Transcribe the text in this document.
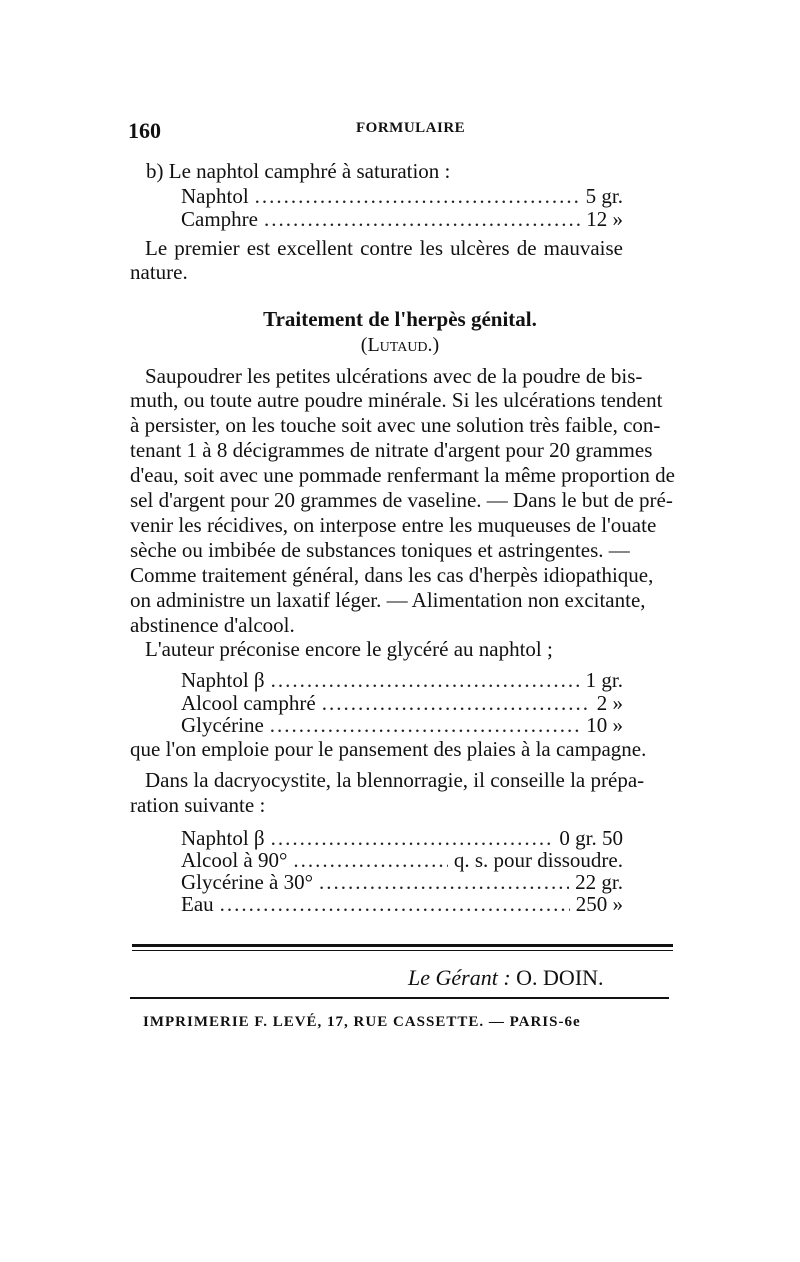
160	FORMULAIRE
b) Le naphtol camphré à saturation :
Naphtol .....	5 gr.
Camphre .....	12 »
Le premier est excellent contre les ulcères de mauvaise
nature.
Traitement de l'herpès génital.
(Lutaud.)
Saupoudrer les petites ulcérations avec de la poudre de bis-
muth, ou toute autre poudre minérale. Si les ulcérations tendent
à persister, on les touche soit avec une solution très faible, con-
tenant 1 à 8 décigrammes de nitrate d'argent pour 20 grammes
d'eau, soit avec une pommade renfermant la même proportion de
sel d'argent pour 20 grammes de vaseline. — Dans le but de pré-
venir les récidives, on interpose entre les muqueuses de l'ouate
sèche ou imbibée de substances toniques et astringentes. —
Comme traitement général, dans les cas d'herpès idiopathique,
on administre un laxatif léger. — Alimentation non excitante,
abstinence d'alcool.
L'auteur préconise encore le glycéré au naphtol ;
Naphtol β .....	1 gr.
Alcool camphré .....	2 »
Glycérine .....	10 »
que l'on emploie pour le pansement des plaies à la campagne.
Dans la dacryocystite, la blennorragie, il conseille la prépa-
ration suivante :
Naphtol β .....	0 gr. 50
Alcool à 90° .....	q. s. pour dissoudre.
Glycérine à 30° .....	22 gr.
Eau .....	250 »
Le Gérant : O. DOIN.
IMPRIMERIE F. LEVÉ, 17, RUE CASSETTE. — PARIS-6e
